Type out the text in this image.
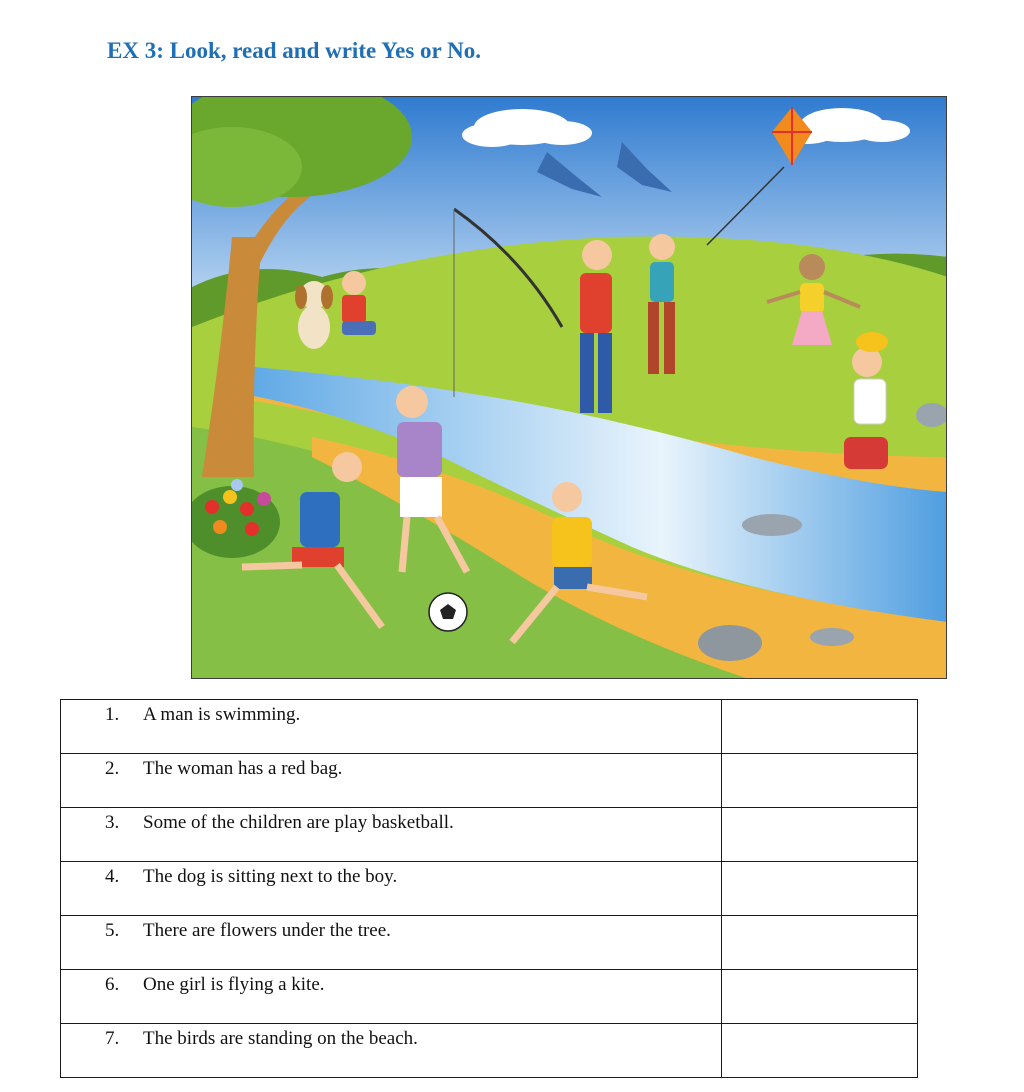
EX 3: Look, read and write Yes or No.
1. A man is swimming.	

2. The woman has a red bag.	

3. Some of the children are play basketball.	

4. The dog is sitting next to the boy.	

5. There are flowers under the tree.	

6. One girl is flying a kite.	

7. The birds are standing on the beach.	
